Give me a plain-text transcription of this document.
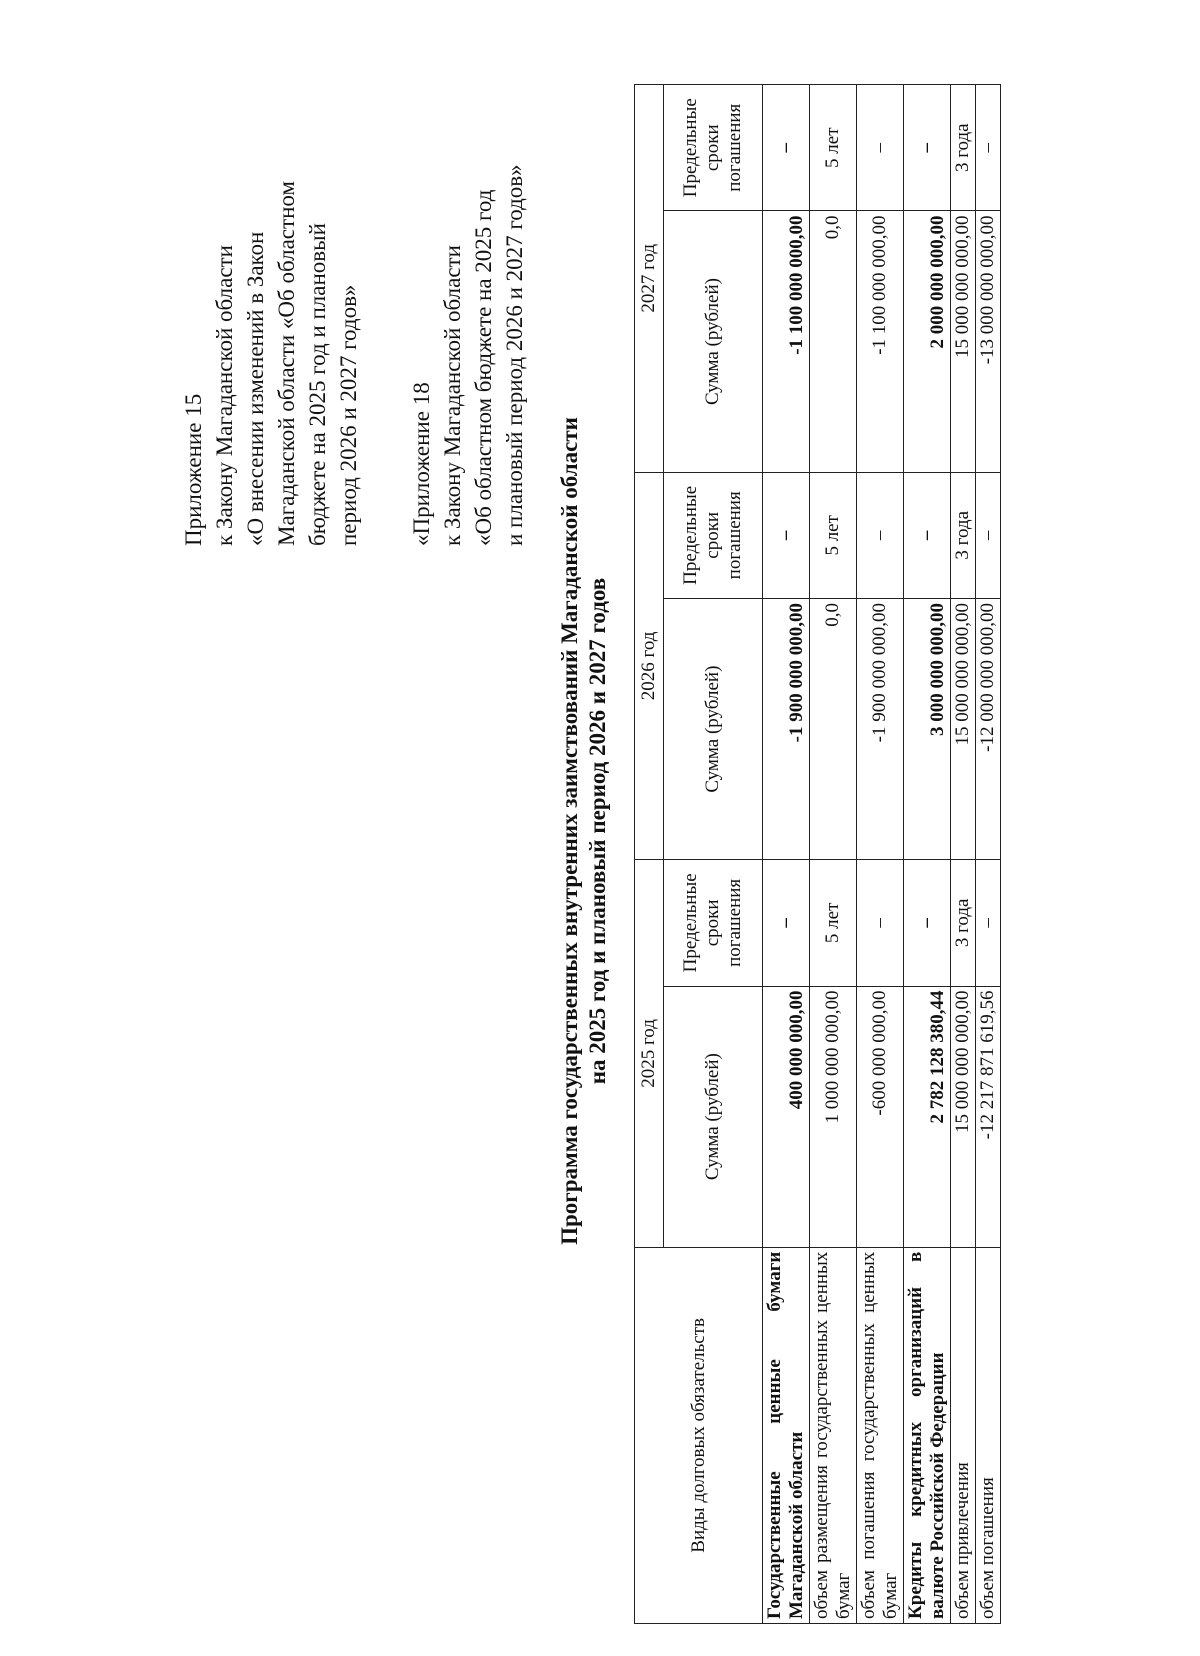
Приложение 15 к Закону Магаданской области «О внесении изменений в Закон Магаданской области «Об областном бюджете на 2025 год и плановый период 2026 и 2027 годов» «Приложение 18 к Закону Магаданской области «Об областном бюджете на 2025 год и плановый период 2026 и 2027 годов»
Программа государственных внутренних заимствований Магаданской области на 2025 год и плановый период 2026 и 2027 годов
Виды долговых обязательств	2025 год		2026 год		2027 год	
	Сумма (рублей)	Предельные сроки погашения	Сумма (рублей)	Предельные сроки погашения	Сумма (рублей)	Предельные сроки погашения
Государственные ценные бумаги Магаданской области	400 000 000,00	–	-1 900 000 000,00	–	-1 100 000 000,00	–
объем размещения государственных ценных бумаг	1 000 000 000,00	5 лет	0,0	5 лет	0,0	5 лет
объем погашения государственных ценных бумаг	-600 000 000,00	–	-1 900 000 000,00	–	-1 100 000 000,00	–
Кредиты кредитных организаций в валюте Российской Федерации	2 782 128 380,44	–	3 000 000 000,00	–	2 000 000 000,00	–
объем привлечения	15 000 000 000,00	3 года	15 000 000 000,00	3 года	15 000 000 000,00	3 года
объем погашения	-12 217 871 619,56	–	-12 000 000 000,00	–	-13 000 000 000,00	–
